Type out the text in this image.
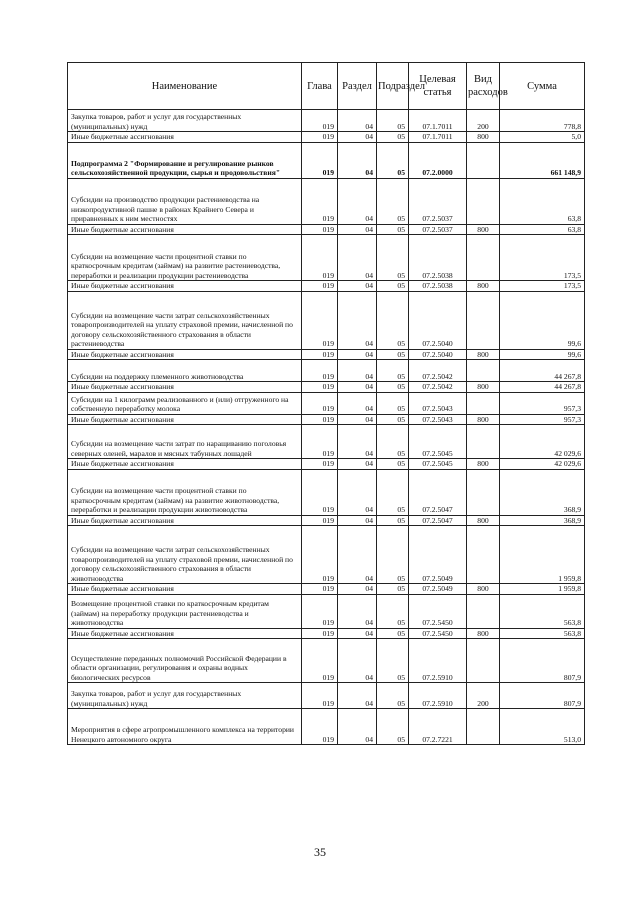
Наименование	Глава	Раздел	Подраздел	Целевая статья	Вид расходов	Сумма
Закупка товаров, работ и услуг для государственных (муниципальных) нужд	019	04	05	07.1.7011	200	778,8
Иные бюджетные ассигнования	019	04	05	07.1.7011	800	5,0
Подпрограмма 2 "Формирование и регулирование рынков сельскохозяйственной продукции, сырья и продовольствия"	019	04	05	07.2.0000		661 148,9
Субсидии на производство продукции растениеводства на низкопродуктивной пашне в районах Крайнего Севера и приравненных к ним местностях	019	04	05	07.2.5037		63,8
Иные бюджетные ассигнования	019	04	05	07.2.5037	800	63,8
Субсидии на возмещение части процентной ставки по краткосрочным кредитам (займам) на развитие растениеводства, переработки и реализации продукции растениеводства	019	04	05	07.2.5038		173,5
Иные бюджетные ассигнования	019	04	05	07.2.5038	800	173,5
Субсидии на возмещение части затрат сельскохозяйственных товаропроизводителей на уплату страховой премии, начисленной по договору сельскохозяйственного страхования в области растениеводства	019	04	05	07.2.5040		99,6
Иные бюджетные ассигнования	019	04	05	07.2.5040	800	99,6
Субсидии на поддержку племенного животноводства	019	04	05	07.2.5042		44 267,8
Иные бюджетные ассигнования	019	04	05	07.2.5042	800	44 267,8
Субсидии на 1 килограмм реализованного и (или) отгруженного на собственную переработку молока	019	04	05	07.2.5043		957,3
Иные бюджетные ассигнования	019	04	05	07.2.5043	800	957,3
Субсидии на возмещение части затрат по наращиванию поголовья северных оленей, маралов и мясных табунных лошадей	019	04	05	07.2.5045		42 029,6
Иные бюджетные ассигнования	019	04	05	07.2.5045	800	42 029,6
Субсидии на возмещение части процентной ставки по краткосрочным кредитам (займам) на развитие животноводства, переработки и реализации продукции животноводства	019	04	05	07.2.5047		368,9
Иные бюджетные ассигнования	019	04	05	07.2.5047	800	368,9
Субсидии на возмещение части затрат сельскохозяйственных товаропроизводителей на уплату страховой премии, начисленной по договору сельскохозяйственного страхования в области животноводства	019	04	05	07.2.5049		1 959,8
Иные бюджетные ассигнования	019	04	05	07.2.5049	800	1 959,8
Возмещение процентной ставки по краткосрочным кредитам (займам) на переработку продукции растениеводства и животноводства	019	04	05	07.2.5450		563,8
Иные бюджетные ассигнования	019	04	05	07.2.5450	800	563,8
Осуществление переданных полномочий Российской Федерации в области организации, регулирования и охраны водных биологических ресурсов	019	04	05	07.2.5910		807,9
Закупка товаров, работ и услуг для государственных (муниципальных) нужд	019	04	05	07.2.5910	200	807,9
Мероприятия в сфере агропромышленного комплекса на территории Ненецкого автономного округа	019	04	05	07.2.7221		513,0
35
